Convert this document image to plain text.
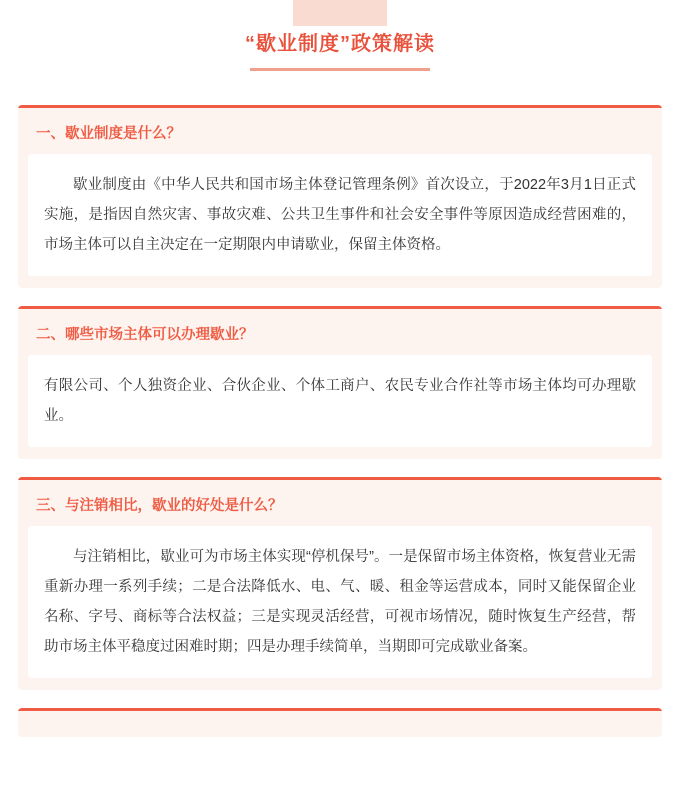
“歇业制度”政策解读
一、歇业制度是什么？
歇业制度由《中华人民共和国市场主体登记管理条例》首次设立，于2022年3月1日正式实施，是指因自然灾害、事故灾难、公共卫生事件和社会安全事件等原因造成经营困难的，市场主体可以自主决定在一定期限内申请歇业，保留主体资格。
二、哪些市场主体可以办理歇业？
有限公司、个人独资企业、合伙企业、个体工商户、农民专业合作社等市场主体均可办理歇业。
三、与注销相比，歇业的好处是什么？
与注销相比，歇业可为市场主体实现“停机保号”。一是保留市场主体资格，恢复营业无需重新办理一系列手续；二是合法降低水、电、气、暖、租金等运营成本，同时又能保留企业名称、字号、商标等合法权益；三是实现灵活经营，可视市场情况，随时恢复生产经营，帮助市场主体平稳度过困难时期；四是办理手续简单，当期即可完成歇业备案。
